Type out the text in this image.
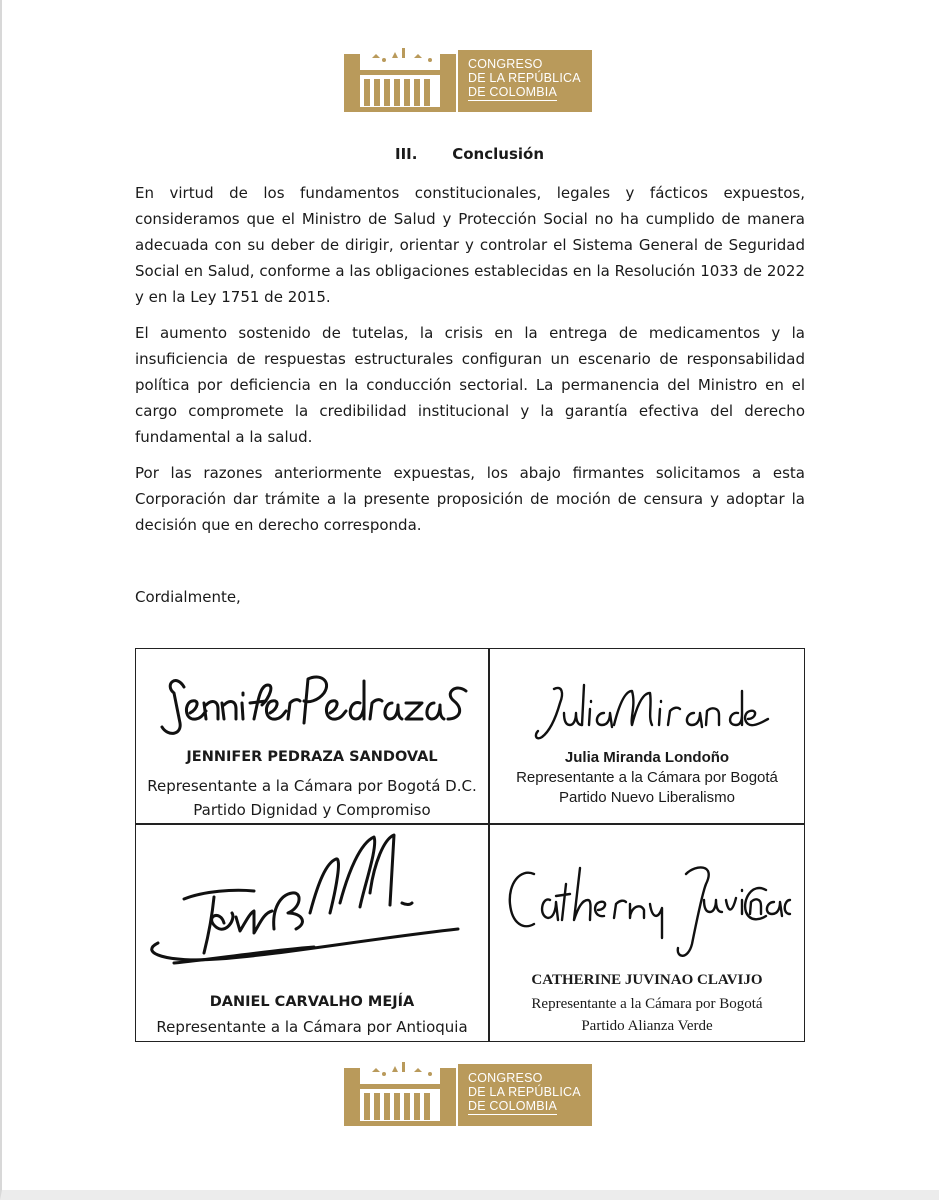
CONGRESO
DE LA REPÚBLICA
DE COLOMBIA
III. Conclusión

En virtud de los fundamentos constitucionales, legales y fácticos expuestos, consideramos que el Ministro de Salud y Protección Social no ha cumplido de manera adecuada con su deber de dirigir, orientar y controlar el Sistema General de Seguridad Social en Salud, conforme a las obligaciones establecidas en la Resolución 1033 de 2022 y en la Ley 1751 de 2015.

El aumento sostenido de tutelas, la crisis en la entrega de medicamentos y la insuficiencia de respuestas estructurales configuran un escenario de responsabilidad política por deficiencia en la conducción sectorial. La permanencia del Ministro en el cargo compromete la credibilidad institucional y la garantía efectiva del derecho fundamental a la salud.

Por las razones anteriormente expuestas, los abajo firmantes solicitamos a esta Corporación dar trámite a la presente proposición de moción de censura y adoptar la decisión que en derecho corresponda.

Cordialmente,
JENNIFER PEDRAZA SANDOVAL
Representante a la Cámara por Bogotá D.C.
Partido Dignidad y Compromiso
Julia Miranda Londoño
Representante a la Cámara por Bogotá
Partido Nuevo Liberalismo
DANIEL CARVALHO MEJÍA
Representante a la Cámara por Antioquia
CATHERINE JUVINAO CLAVIJO
Representante a la Cámara por Bogotá
Partido Alianza Verde
CONGRESO
DE LA REPÚBLICA
DE COLOMBIA
